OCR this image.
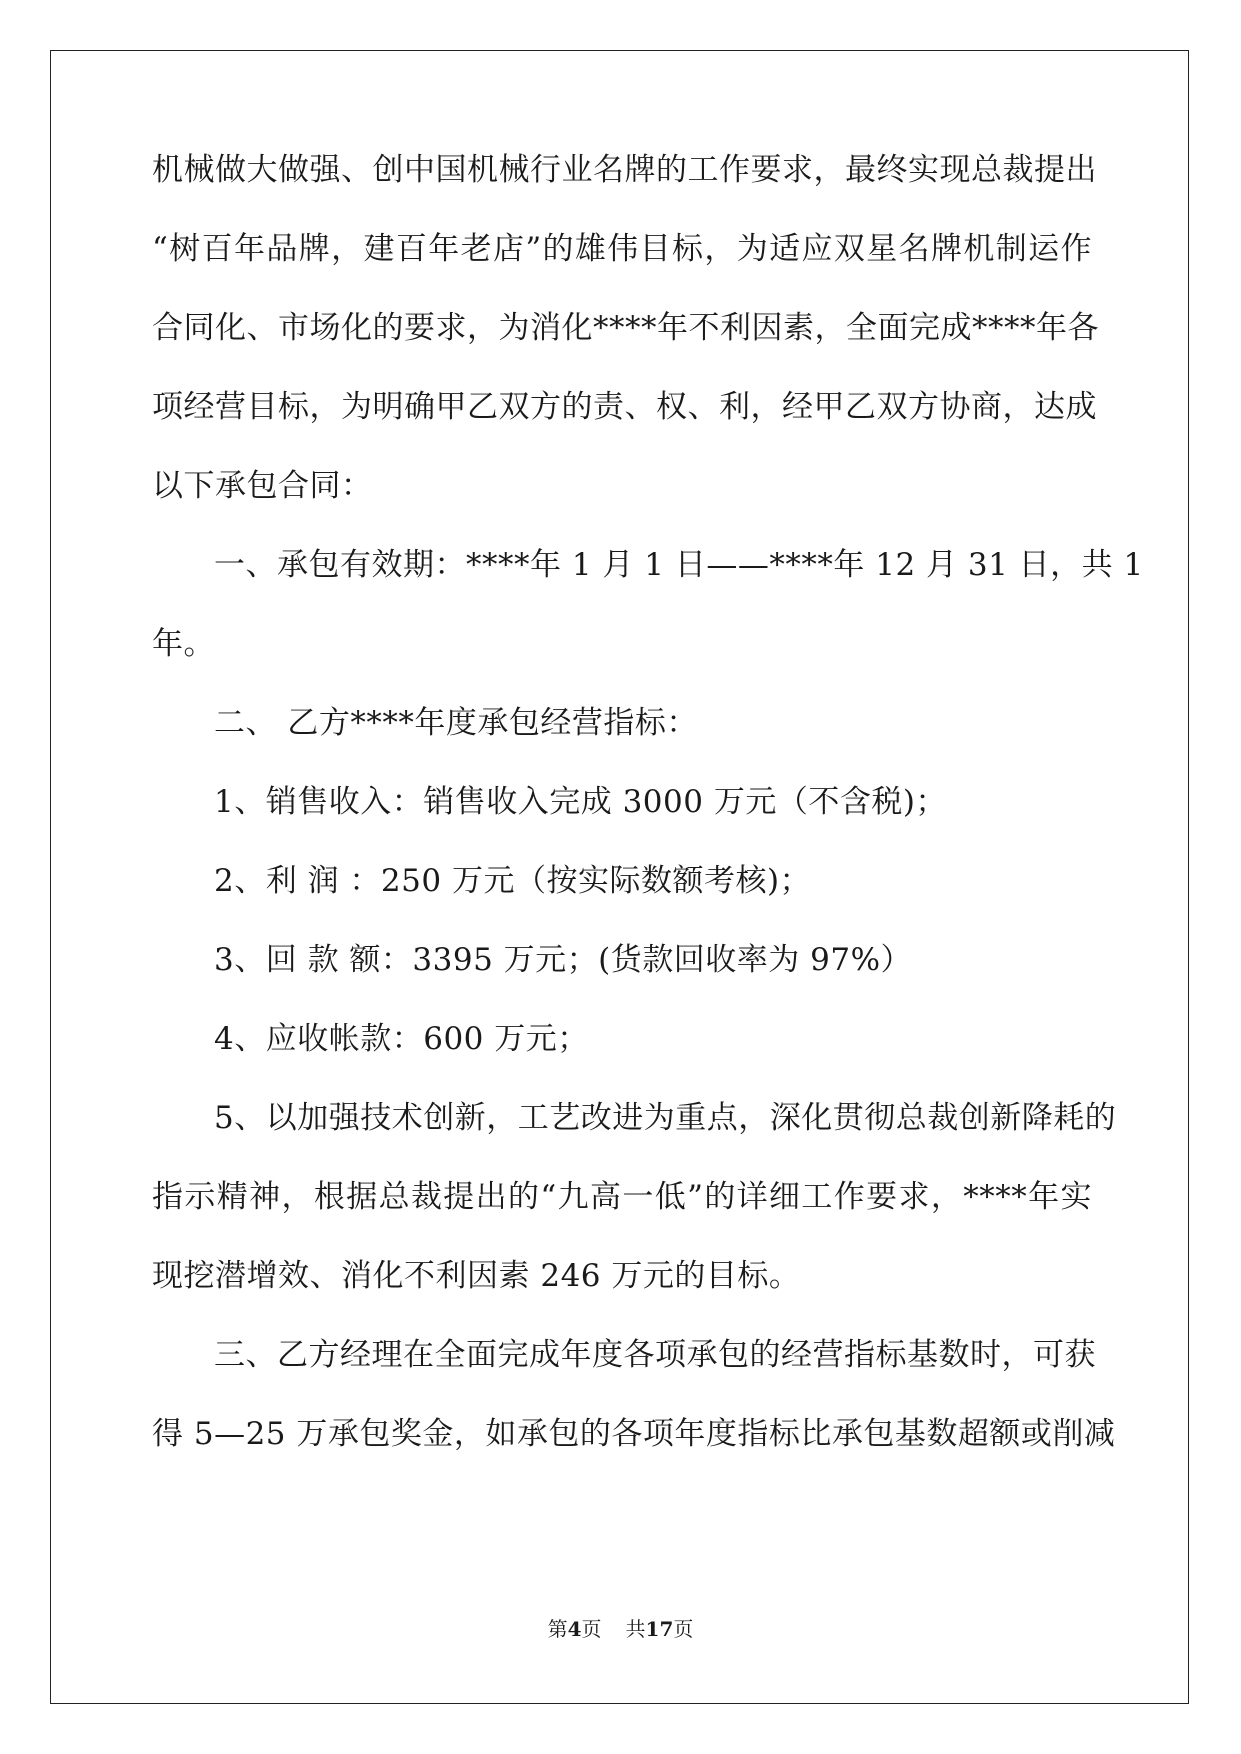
机械做大做强、创中国机械行业名牌的工作要求，最终实现总裁提出
“树百年品牌，建百年老店”的雄伟目标，为适应双星名牌机制运作
合同化、市场化的要求，为消化****年不利因素，全面完成****年各
项经营目标，为明确甲乙双方的责、权、利，经甲乙双方协商，达成
以下承包合同：
一、承包有效期：****年 1 月 1 日——****年 12 月 31 日，共 1
年。
二、 乙方****年度承包经营指标：
1、销售收入：销售收入完成 3000 万元（不含税)；
2、利 润 ：250 万元（按实际数额考核)；
3、回 款 额：3395 万元；(货款回收率为 97%）
4、应收帐款：600 万元；
5、以加强技术创新，工艺改进为重点，深化贯彻总裁创新降耗的
指示精神，根据总裁提出的“九高一低”的详细工作要求，****年实
现挖潜增效、消化不利因素 246 万元的目标。
三、乙方经理在全面完成年度各项承包的经营指标基数时，可获
得 5—25 万承包奖金，如承包的各项年度指标比承包基数超额或削减
第4页 共17页
